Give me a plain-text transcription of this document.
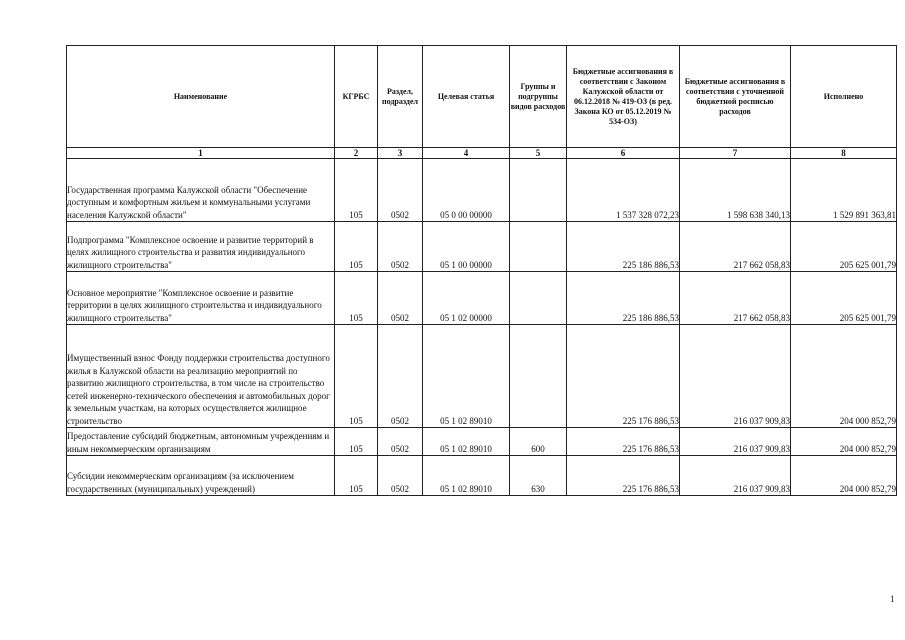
Наименование	КГРБС	Раздел, подраздел	Целевая статья	Группы и подгруппы видов расходов	Бюджетные ассигнования в соответствии с Законом Калужской области от 06.12.2018 № 419-ОЗ (в ред. Закона КО от 05.12.2019 № 534-ОЗ)	Бюджетные ассигнования в соответствии с уточненной бюджетной росписью расходов	Исполнено
1	2	3	4	5	6	7	8
Государственная программа Калужской области "Обеспечение доступным и комфортным жильем и коммунальными услугами населения Калужской области"	105	0502	05 0 00 00000		1 537 328 072,23	1 598 638 340,13	1 529 891 363,81
Подпрограмма "Комплексное освоение и развитие территорий в целях жилищного строительства и развития индивидуального жилищного строительства"	105	0502	05 1 00 00000		225 186 886,53	217 662 058,83	205 625 001,79
Основное мероприятие "Комплексное освоение и развитие территории в целях жилищного строительства и индивидуального жилищного строительства"	105	0502	05 1 02 00000		225 186 886,53	217 662 058,83	205 625 001,79
Имущественный взнос Фонду поддержки строительства доступного жилья в Калужской области на реализацию мероприятий по развитию жилищного строительства, в том числе на строительство сетей инженерно-технического обеспечения и автомобильных дорог к земельным участкам, на которых осуществляется жилищное строительство	105	0502	05 1 02 89010		225 176 886,53	216 037 909,83	204 000 852,79
Предоставление субсидий бюджетным, автономным учреждениям и иным некоммерческим организациям	105	0502	05 1 02 89010	600	225 176 886,53	216 037 909,83	204 000 852,79
Субсидии некоммерческим организациям (за исключением государственных (муниципальных) учреждений)	105	0502	05 1 02 89010	630	225 176 886,53	216 037 909,83	204 000 852,79
1
